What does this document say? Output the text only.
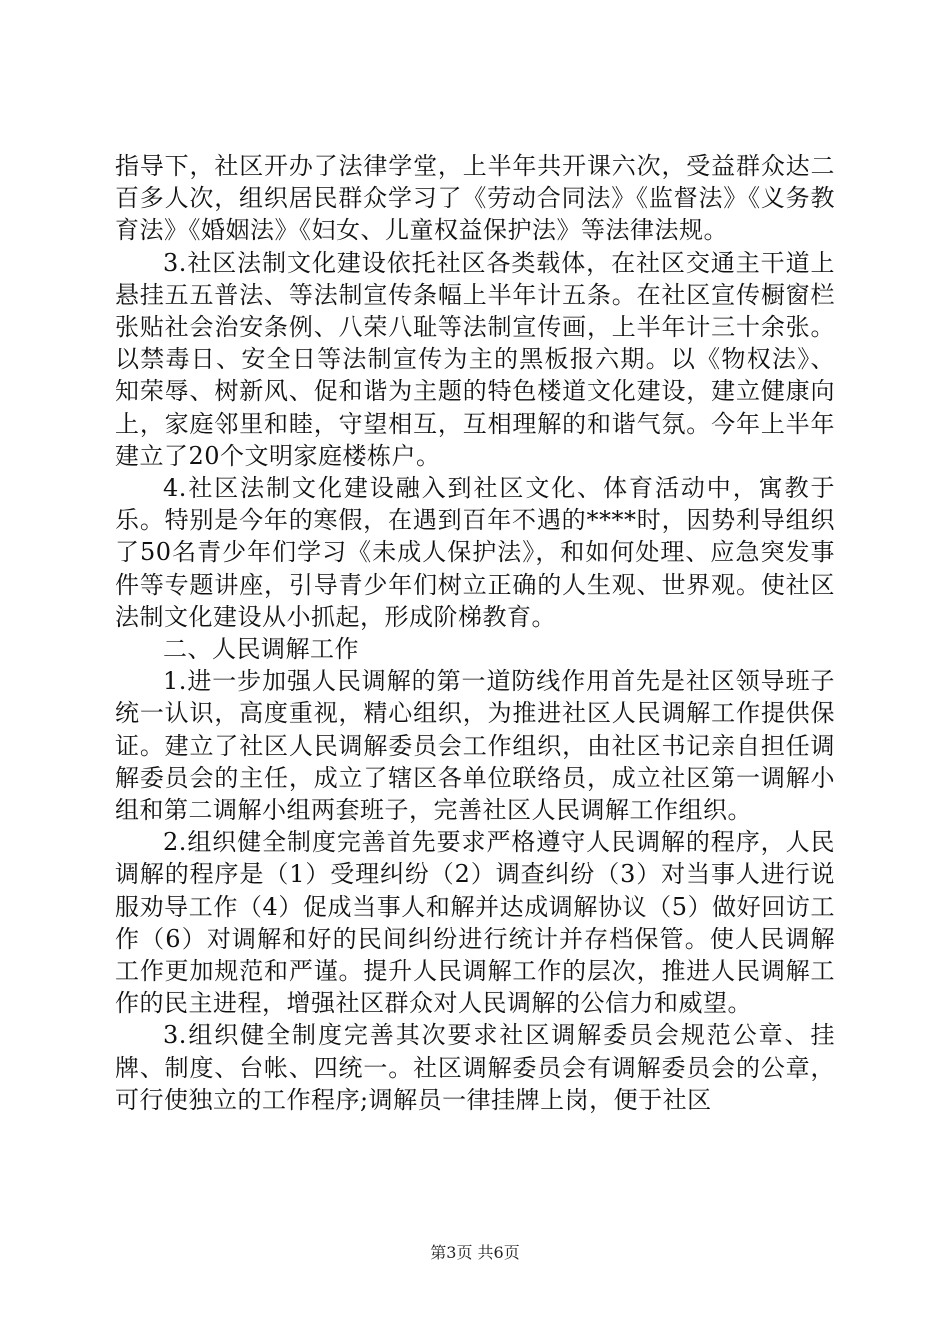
指导下，社区开办了法律学堂，上半年共开课六次，受益群众达二百多人次，组织居民群众学习了《劳动合同法》《监督法》《义务教育法》《婚姻法》《妇女、儿童权益保护法》等法律法规。

3.社区法制文化建设依托社区各类载体，在社区交通主干道上悬挂五五普法、等法制宣传条幅上半年计五条。在社区宣传橱窗栏张贴社会治安条例、八荣八耻等法制宣传画，上半年计三十余张。以禁毒日、安全日等法制宣传为主的黑板报六期。以《物权法》、知荣辱、树新风、促和谐为主题的特色楼道文化建设，建立健康向上，家庭邻里和睦，守望相互，互相理解的和谐气氛。今年上半年建立了20个文明家庭楼栋户。

4.社区法制文化建设融入到社区文化、体育活动中，寓教于乐。特别是今年的寒假，在遇到百年不遇的****时，因势利导组织了50名青少年们学习《未成人保护法》，和如何处理、应急突发事件等专题讲座，引导青少年们树立正确的人生观、世界观。使社区法制文化建设从小抓起，形成阶梯教育。

二、人民调解工作

1.进一步加强人民调解的第一道防线作用首先是社区领导班子统一认识，高度重视，精心组织，为推进社区人民调解工作提供保证。建立了社区人民调解委员会工作组织，由社区书记亲自担任调解委员会的主任，成立了辖区各单位联络员，成立社区第一调解小组和第二调解小组两套班子，完善社区人民调解工作组织。

2.组织健全制度完善首先要求严格遵守人民调解的程序，人民调解的程序是（1）受理纠纷（2）调查纠纷（3）对当事人进行说服劝导工作（4）促成当事人和解并达成调解协议（5）做好回访工作（6）对调解和好的民间纠纷进行统计并存档保管。使人民调解工作更加规范和严谨。提升人民调解工作的层次，推进人民调解工作的民主进程，增强社区群众对人民调解的公信力和威望。

3.组织健全制度完善其次要求社区调解委员会规范公章、挂牌、制度、台帐、四统一。社区调解委员会有调解委员会的公章，可行使独立的工作程序;调解员一律挂牌上岗，便于社区

第3页 共6页
